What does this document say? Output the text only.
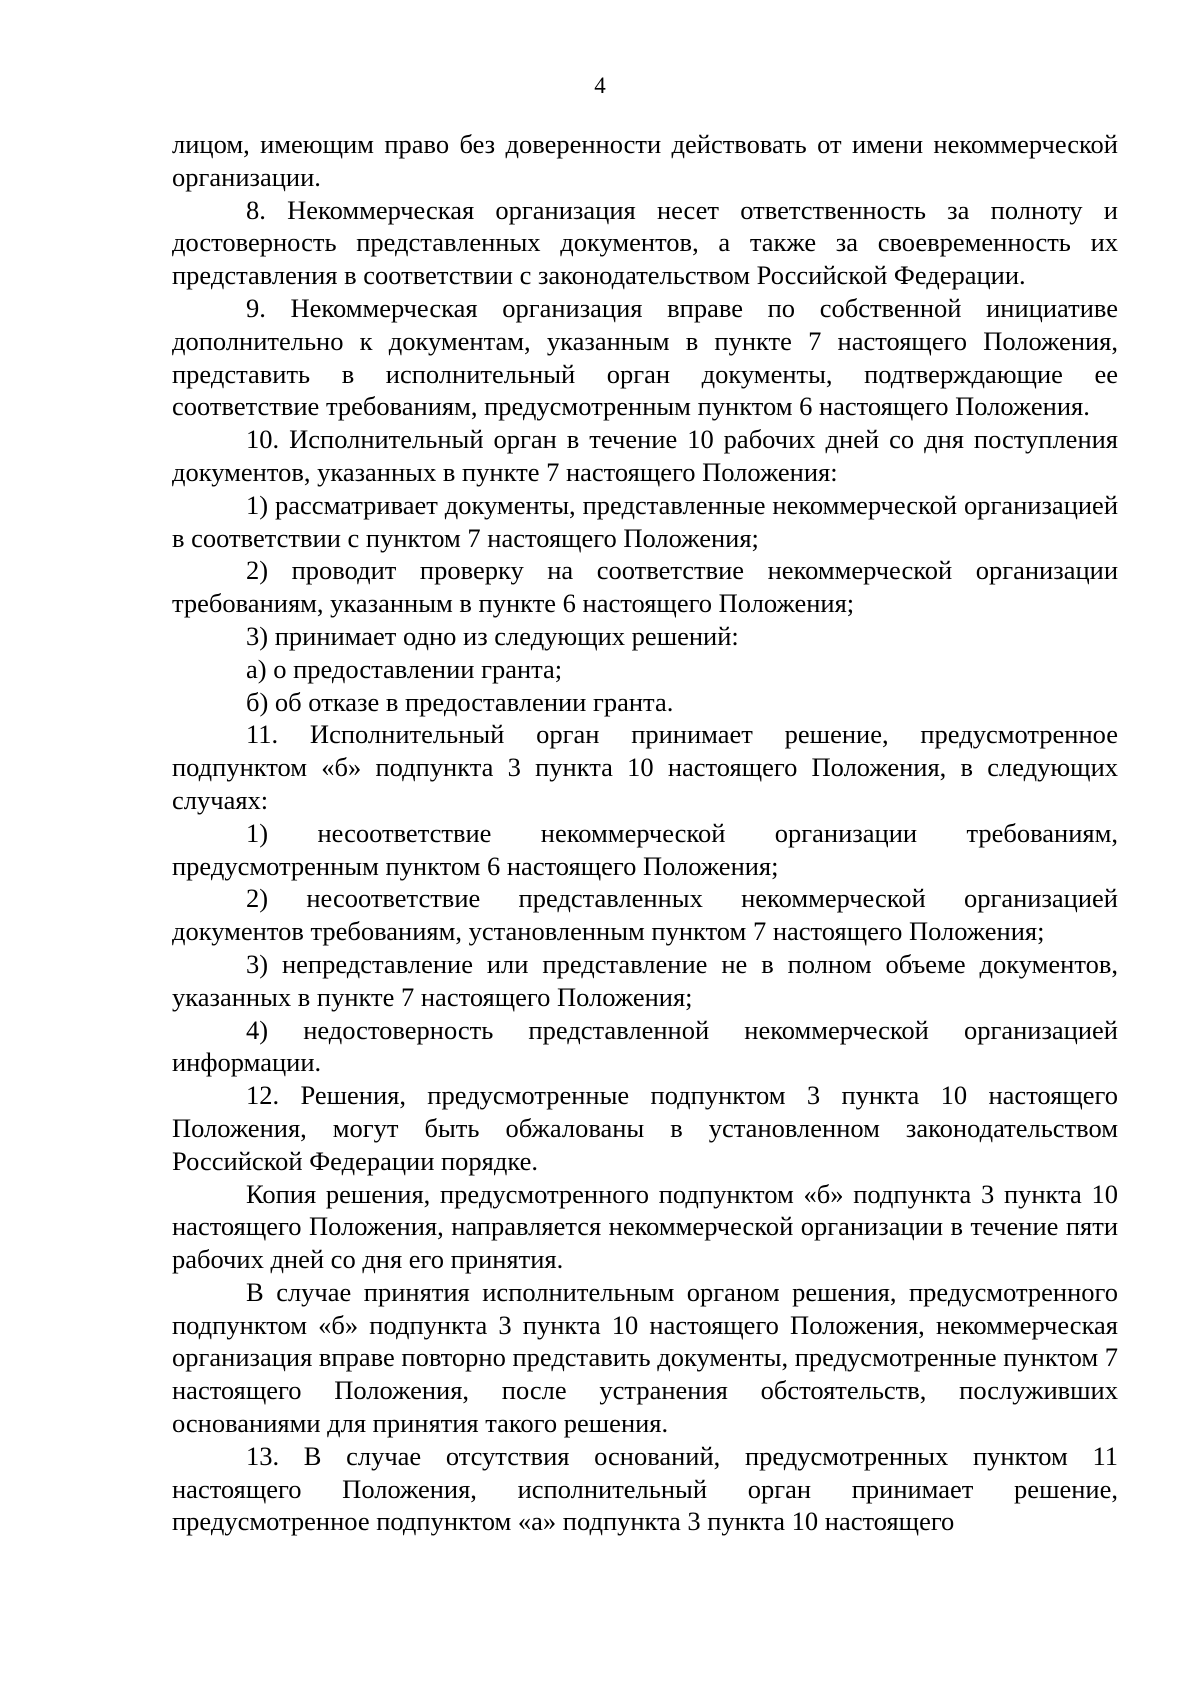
4

лицом, имеющим право без доверенности действовать от имени некоммерческой организации.

8. Некоммерческая организация несет ответственность за полноту и достоверность представленных документов, а также за своевременность их представления в соответствии с законодательством Российской Федерации.

9. Некоммерческая организация вправе по собственной инициативе дополнительно к документам, указанным в пункте 7 настоящего Положения, представить в исполнительный орган документы, подтверждающие ее соответствие требованиям, предусмотренным пунктом 6 настоящего Положения.

10. Исполнительный орган в течение 10 рабочих дней со дня поступления документов, указанных в пункте 7 настоящего Положения:

1) рассматривает документы, представленные некоммерческой организацией в соответствии с пунктом 7 настоящего Положения;

2) проводит проверку на соответствие некоммерческой организации требованиям, указанным в пункте 6 настоящего Положения;

3) принимает одно из следующих решений:

а) о предоставлении гранта;

б) об отказе в предоставлении гранта.

11. Исполнительный орган принимает решение, предусмотренное подпунктом «б» подпункта 3 пункта 10 настоящего Положения, в следующих случаях:

1) несоответствие некоммерческой организации требованиям, предусмотренным пунктом 6 настоящего Положения;

2) несоответствие представленных некоммерческой организацией документов требованиям, установленным пунктом 7 настоящего Положения;

3) непредставление или представление не в полном объеме документов, указанных в пункте 7 настоящего Положения;

4) недостоверность представленной некоммерческой организацией информации.

12. Решения, предусмотренные подпунктом 3 пункта 10 настоящего Положения, могут быть обжалованы в установленном законодательством Российской Федерации порядке.

Копия решения, предусмотренного подпунктом «б» подпункта 3 пункта 10 настоящего Положения, направляется некоммерческой организации в течение пяти рабочих дней со дня его принятия.

В случае принятия исполнительным органом решения, предусмотренного подпунктом «б» подпункта 3 пункта 10 настоящего Положения, некоммерческая организация вправе повторно представить документы, предусмотренные пунктом 7 настоящего Положения, после устранения обстоятельств, послуживших основаниями для принятия такого решения.

13. В случае отсутствия оснований, предусмотренных пунктом 11 настоящего Положения, исполнительный орган принимает решение, предусмотренное подпунктом «а» подпункта 3 пункта 10 настоящего
